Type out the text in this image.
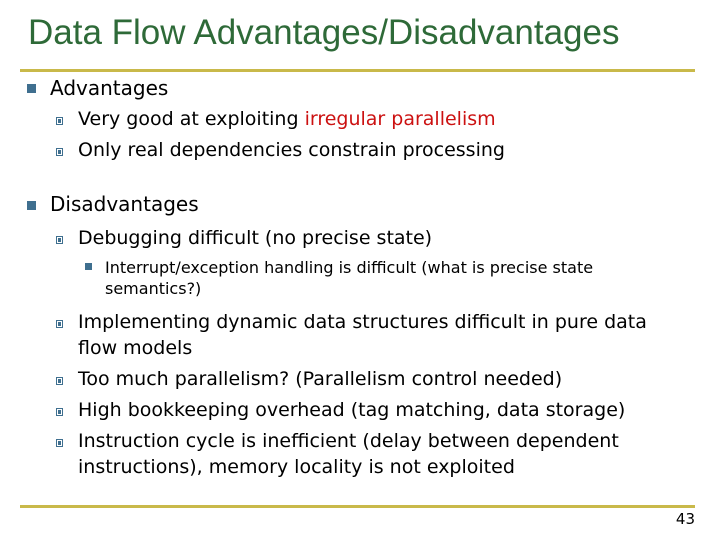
Data Flow Advantages/Disadvantages
Advantages
Very good at exploiting irregular parallelism
Only real dependencies constrain processing
Disadvantages
Debugging difficult (no precise state)
Interrupt/exception handling is difficult (what is precise state semantics?)
Implementing dynamic data structures difficult in pure data flow models
Too much parallelism? (Parallelism control needed)
High bookkeeping overhead (tag matching, data storage)
Instruction cycle is inefficient (delay between dependent instructions), memory locality is not exploited
43
